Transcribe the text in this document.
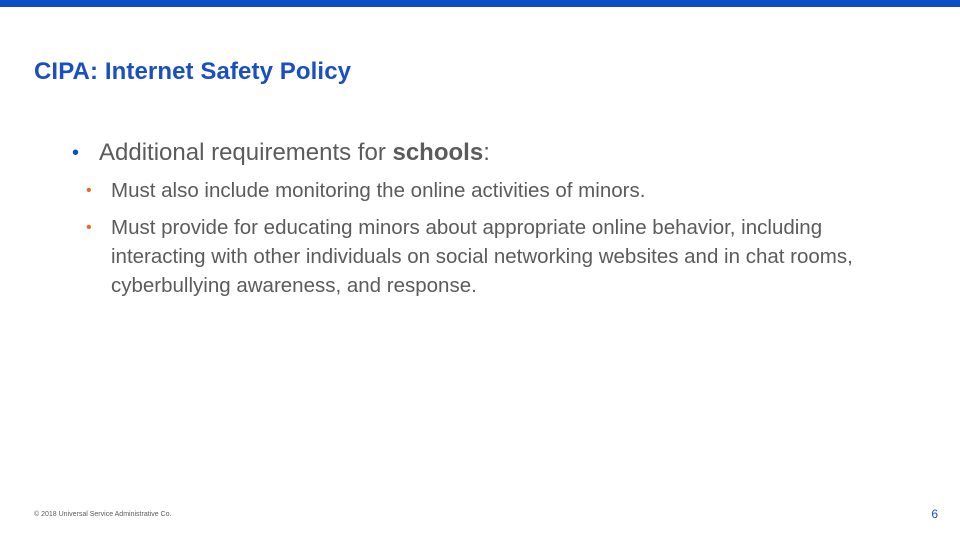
CIPA: Internet Safety Policy
• Additional requirements for schools:
• Must also include monitoring the online activities of minors.
• Must provide for educating minors about appropriate online behavior, including interacting with other individuals on social networking websites and in chat rooms, cyberbullying awareness, and response.
© 2018 Universal Service Administrative Co.	6
